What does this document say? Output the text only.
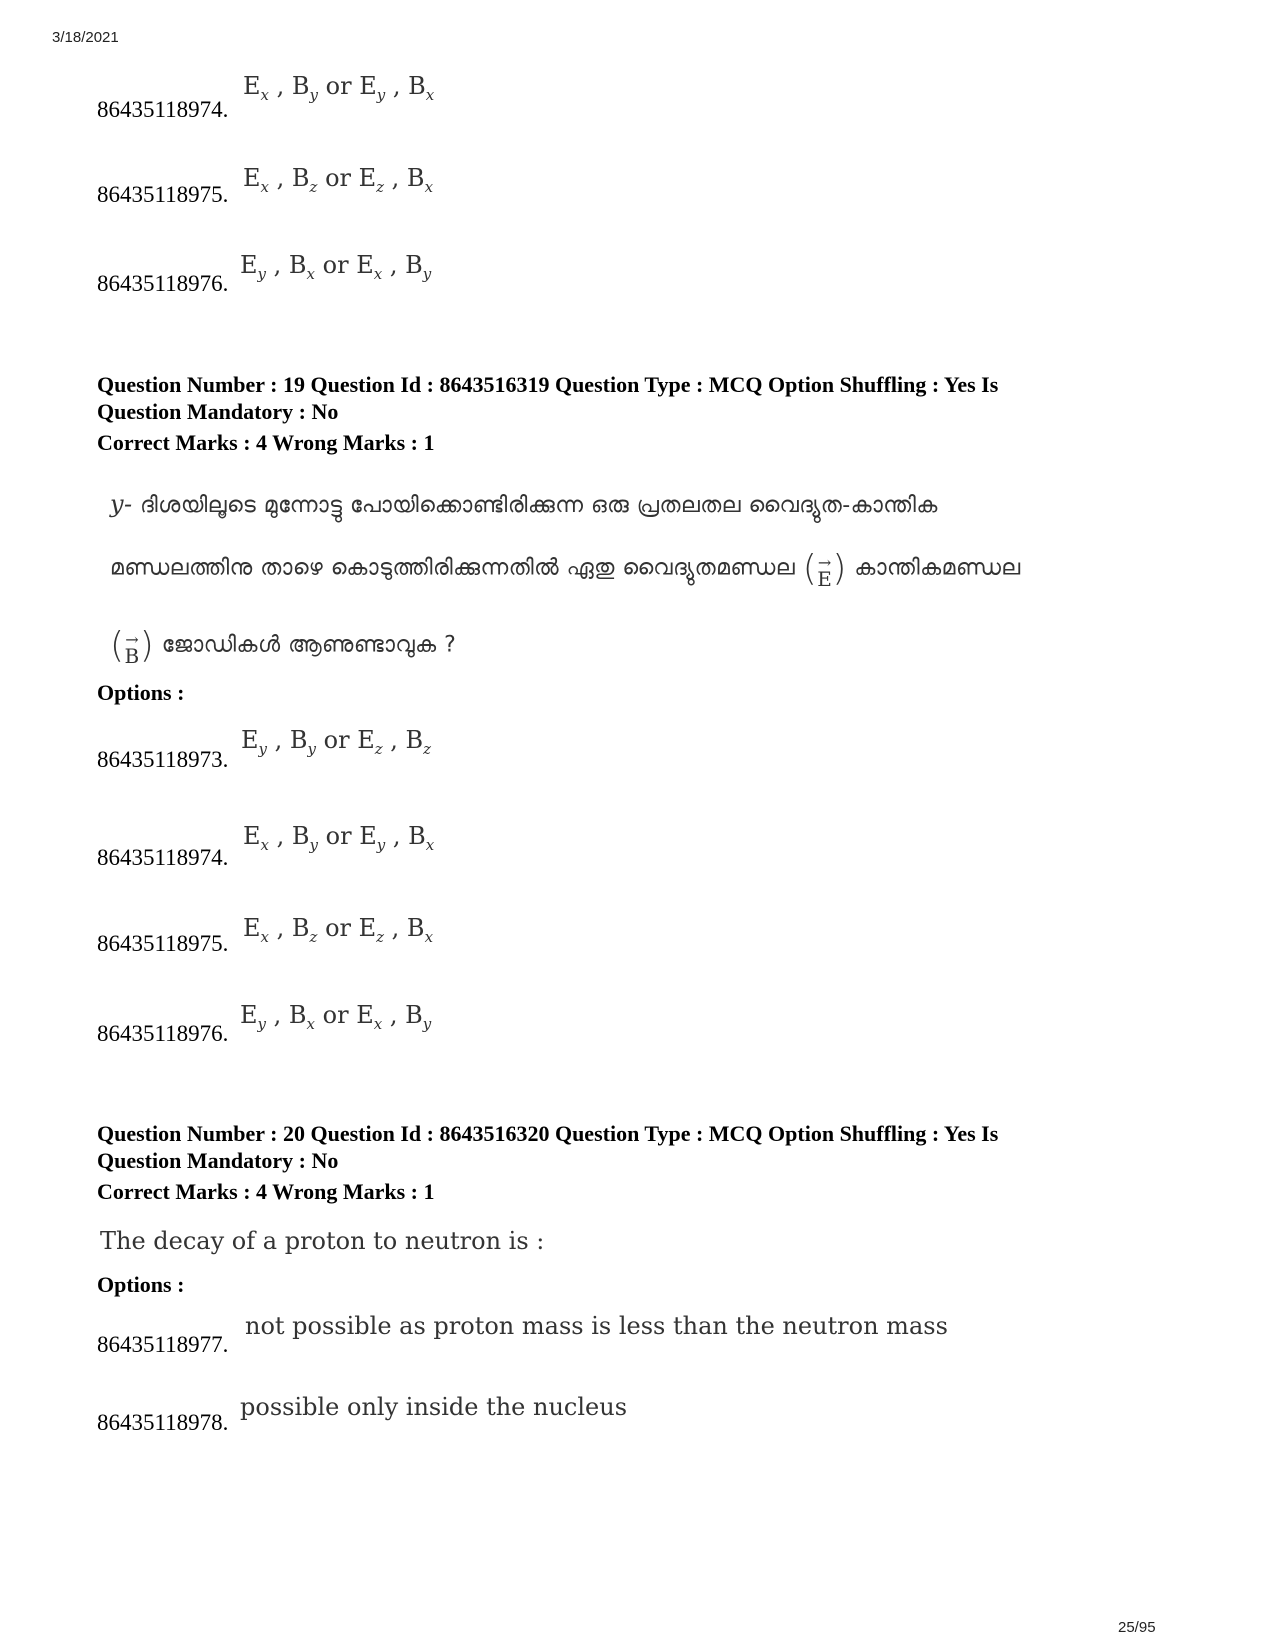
3/18/2021
86435118974.
$E_x$ , $B_y$ or $E_y$ , $B_x$
86435118975.
$E_x$ , $B_z$ or $E_z$ , $B_x$
86435118976.
$E_y$ , $B_x$ or $E_x$ , $B_y$
Question Number : 19 Question Id : 8643516319 Question Type : MCQ Option Shuffling : Yes Is
Question Mandatory : No
Correct Marks : 4 Wrong Marks : 1
y- ദിശയിലൂടെ മുന്നോട്ടു പോയിക്കൊണ്ടിരിക്കുന്ന ഒരു പ്രതലതല വൈദ്യുത-കാന്തിക
മണ്ഡലത്തിനു താഴെ കൊടുത്തിരിക്കുന്നതിൽ ഏതു വൈദ്യുതമണ്ഡല (→
E) കാന്തികമണ്ഡല
(→
B) ജോഡികൾ ആണുണ്ടാവുക ?
Options :
86435118973.
$E_y$ , $B_y$ or $E_z$ , $B_z$
86435118974.
$E_x$ , $B_y$ or $E_y$ , $B_x$
86435118975.
$E_x$ , $B_z$ or $E_z$ , $B_x$
86435118976.
$E_y$ , $B_x$ or $E_x$ , $B_y$
Question Number : 20 Question Id : 8643516320 Question Type : MCQ Option Shuffling : Yes Is
Question Mandatory : No
Correct Marks : 4 Wrong Marks : 1
The decay of a proton to neutron is :
Options :
86435118977.
not possible as proton mass is less than the neutron mass
86435118978.
possible only inside the nucleus
25/95
